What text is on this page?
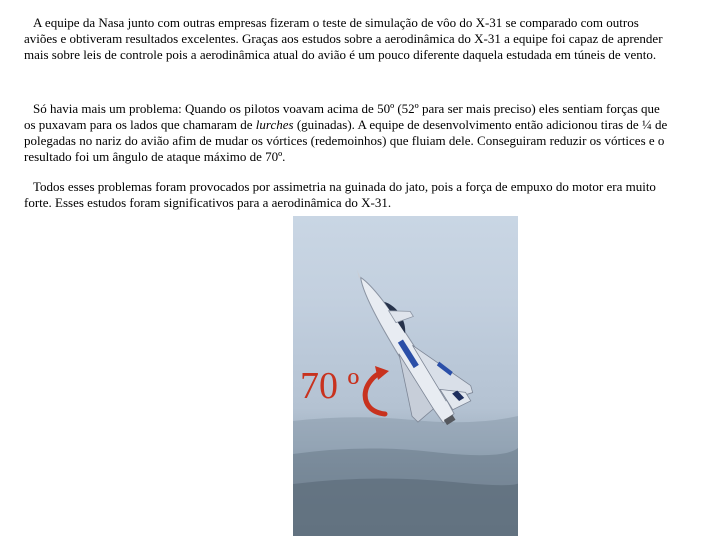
A equipe da Nasa junto com outras empresas fizeram o teste de simulação de vôo do X-31 se comparado com outros aviões e obtiveram resultados excelentes. Graças aos estudos sobre a aerodinâmica do X-31 a equipe foi capaz de aprender mais sobre leis de controle pois a aerodinâmica atual do avião é um pouco diferente daquela estudada em túneis de vento.

Só havia mais um problema: Quando os pilotos voavam acima de 50º (52º para ser mais preciso) eles sentiam forças que os puxavam para os lados que chamaram de lurches (guinadas). A equipe de desenvolvimento então adicionou tiras de ¼ de polegadas no nariz do avião afim de mudar os vórtices (redemoinhos) que fluiam dele. Conseguiram reduzir os vórtices e o resultado foi um ângulo de ataque máximo de 70º.

Todos esses problemas foram provocados por assimetria na guinada do jato, pois a força de empuxo do motor era muito forte. Esses estudos foram significativos para a aerodinâmica do X-31.

70 º
